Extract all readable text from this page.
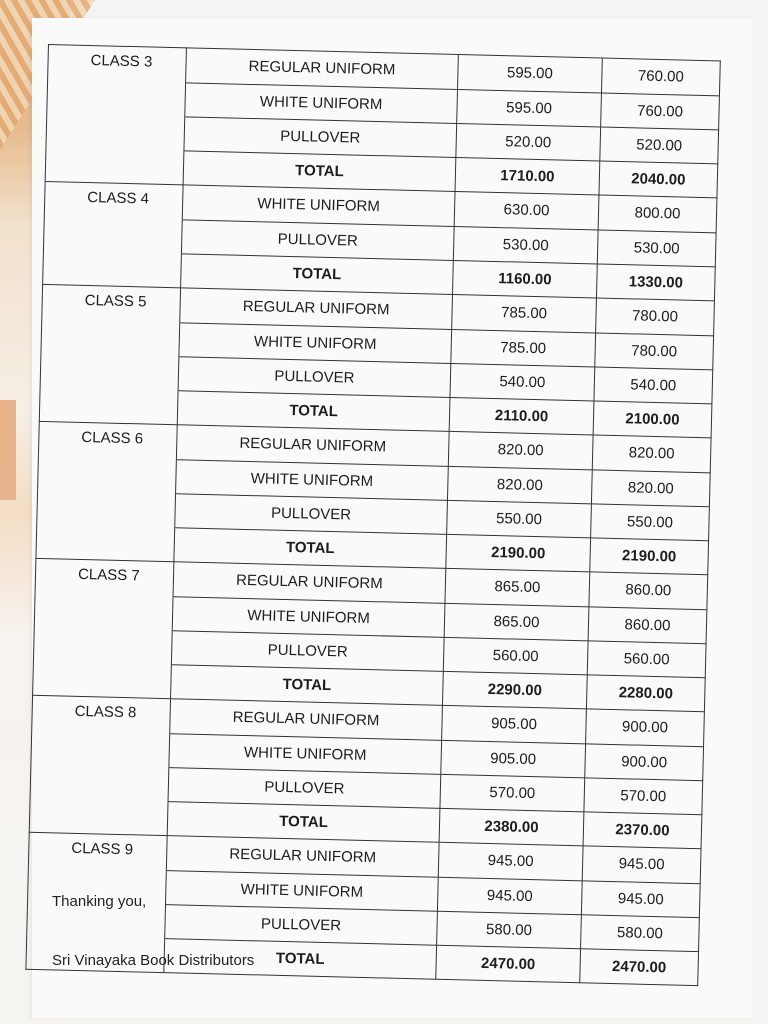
CLASS 3	REGULAR UNIFORM	595.00	760.00
	WHITE UNIFORM	595.00	760.00
	PULLOVER	520.00	520.00
	TOTAL	1710.00	2040.00
CLASS 4	WHITE UNIFORM	630.00	800.00
	PULLOVER	530.00	530.00
	TOTAL	1160.00	1330.00
CLASS 5	REGULAR UNIFORM	785.00	780.00
	WHITE UNIFORM	785.00	780.00
	PULLOVER	540.00	540.00
	TOTAL	2110.00	2100.00
CLASS 6	REGULAR UNIFORM	820.00	820.00
	WHITE UNIFORM	820.00	820.00
	PULLOVER	550.00	550.00
	TOTAL	2190.00	2190.00
CLASS 7	REGULAR UNIFORM	865.00	860.00
	WHITE UNIFORM	865.00	860.00
	PULLOVER	560.00	560.00
	TOTAL	2290.00	2280.00
CLASS 8	REGULAR UNIFORM	905.00	900.00
	WHITE UNIFORM	905.00	900.00
	PULLOVER	570.00	570.00
	TOTAL	2380.00	2370.00
CLASS 9	REGULAR UNIFORM	945.00	945.00
	WHITE UNIFORM	945.00	945.00
	PULLOVER	580.00	580.00
	TOTAL	2470.00	2470.00
Thanking you,
Sri Vinayaka Book Distributors
